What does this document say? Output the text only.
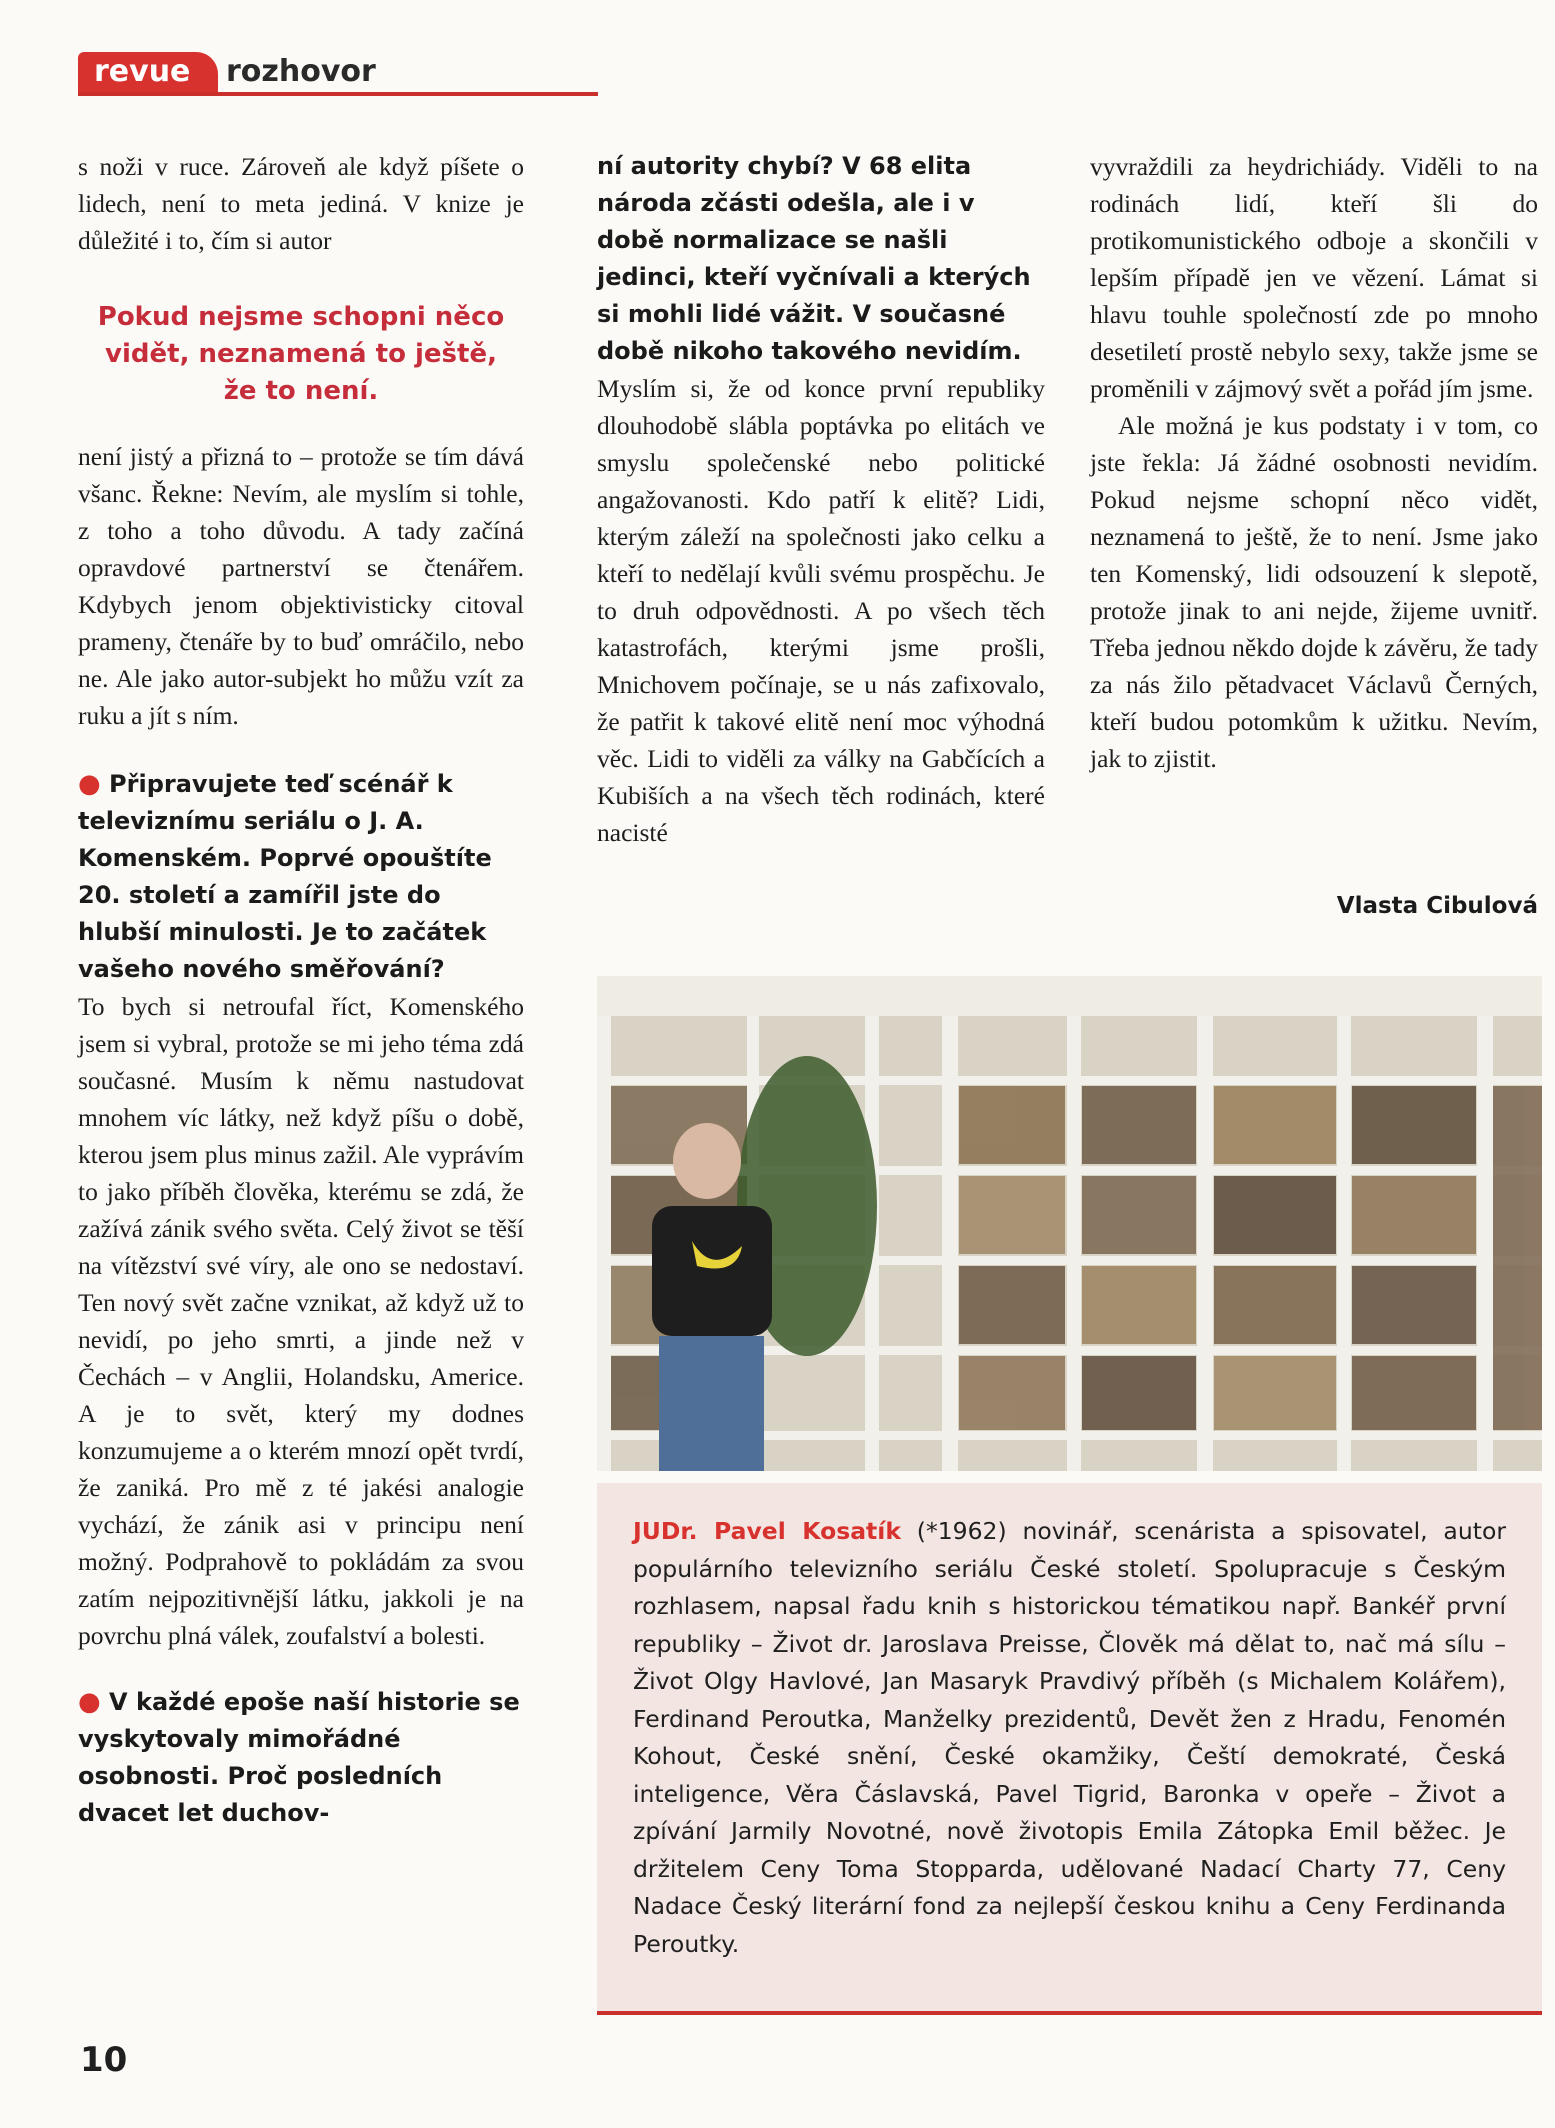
revue	rozhovor

s noži v ruce. Zároveň ale když píšete o lidech, není to meta jediná. V knize je důležité i to, čím si autor

Pokud nejsme schopni něco vidět, neznamená to ještě, že to není.

není jistý a přizná to – protože se tím dává všanc. Řekne: Nevím, ale myslím si tohle, z toho a toho důvodu. A tady začíná opravdové partnerství se čtenářem. Kdybych jenom objektivisticky citoval prameny, čtenáře by to buď omráčilo, nebo ne. Ale jako autor-subjekt ho můžu vzít za ruku a jít s ním.

● Připravujete teď scénář k televiznímu seriálu o J. A. Komenském. Poprvé opouštíte 20. století a zamířil jste do hlubší minulosti. Je to začátek vašeho nového směřování?

To bych si netroufal říct, Komenského jsem si vybral, protože se mi jeho téma zdá současné. Musím k němu nastudovat mnohem víc látky, než když píšu o době, kterou jsem plus minus zažil. Ale vyprávím to jako příběh člověka, kterému se zdá, že zažívá zánik svého světa. Celý život se těší na vítězství své víry, ale ono se nedostaví. Ten nový svět začne vznikat, až když už to nevidí, po jeho smrti, a jinde než v Čechách – v Anglii, Holandsku, Americe. A je to svět, který my dodnes konzumujeme a o kterém mnozí opět tvrdí, že zaniká. Pro mě z té jakési analogie vychází, že zánik asi v principu není možný. Podprahově to pokládám za svou zatím nejpozitivnější látku, jakkoli je na povrchu plná válek, zoufalství a bolesti.

● V každé epoše naší historie se vyskytovaly mimořádné osobnosti. Proč posledních dvacet let duchov-

ní autority chybí? V 68 elita národa zčásti odešla, ale i v době normalizace se našli jedinci, kteří vyčnívali a kterých si mohli lidé vážit. V současné době nikoho takového nevidím.

Myslím si, že od konce první republiky dlouhodobě slábla poptávka po elitách ve smyslu společenské nebo politické angažovanosti. Kdo patří k elitě? Lidi, kterým záleží na společnosti jako celku a kteří to nedělají kvůli svému prospěchu. Je to druh odpovědnosti. A po všech těch katastrofách, kterými jsme prošli, Mnichovem počínaje, se u nás zafixovalo, že patřit k takové elitě není moc výhodná věc. Lidi to viděli za války na Gabčících a Kubiších a na všech těch rodinách, které nacisté

vyvraždili za heydrichiády. Viděli to na rodinách lidí, kteří šli do protikomunistického odboje a skončili v lepším případě jen ve vězení. Lámat si hlavu touhle společností zde po mnoho desetiletí prostě nebylo sexy, takže jsme se proměnili v zájmový svět a pořád jím jsme.

Ale možná je kus podstaty i v tom, co jste řekla: Já žádné osobnosti nevidím. Pokud nejsme schopní něco vidět, neznamená to ještě, že to není. Jsme jako ten Komenský, lidi odsouzení k slepotě, protože jinak to ani nejde, žijeme uvnitř. Třeba jednou někdo dojde k závěru, že tady za nás žilo pětadvacet Václavů Černých, kteří budou potomkům k užitku. Nevím, jak to zjistit.

Vlasta Cibulová
JUDr. Pavel Kosatík (*1962) novinář, scenárista a spisovatel, autor populárního televizního seriálu České století. Spolupracuje s Českým rozhlasem, napsal řadu knih s historickou tématikou např. Bankéř první republiky – Život dr. Jaroslava Preisse, Člověk má dělat to, nač má sílu – Život Olgy Havlové, Jan Masaryk Pravdivý příběh (s Michalem Kolářem), Ferdinand Peroutka, Manželky prezidentů, Devět žen z Hradu, Fenomén Kohout, České snění, České okamžiky, Čeští demokraté, Česká inteligence, Věra Čáslavská, Pavel Tigrid, Baronka v opeře – Život a zpívání Jarmily Novotné, nově životopis Emila Zátopka Emil běžec. Je držitelem Ceny Toma Stopparda, udělované Nadací Charty 77, Ceny Nadace Český literární fond za nejlepší českou knihu a Ceny Ferdinanda Peroutky.
10
